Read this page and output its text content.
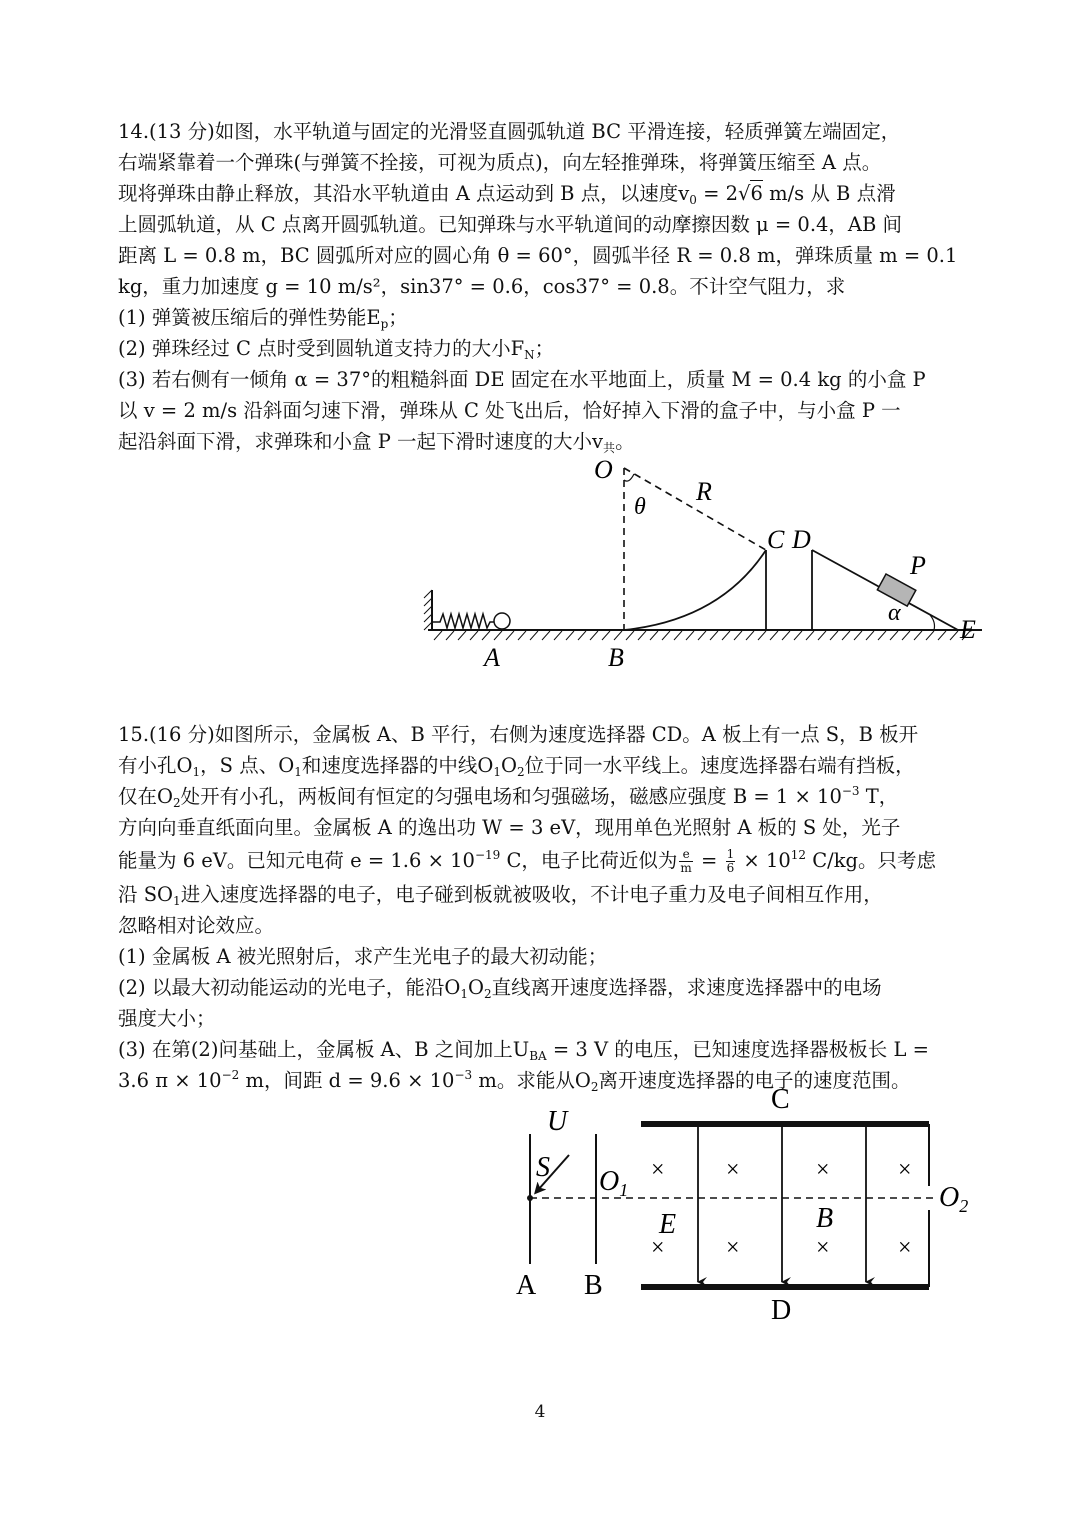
14.(13 分)如图，水平轨道与固定的光滑竖直圆弧轨道 BC 平滑连接，轻质弹簧左端固定，
右端紧靠着一个弹珠(与弹簧不拴接，可视为质点)，向左轻推弹珠，将弹簧压缩至 A 点。
现将弹珠由静止释放，其沿水平轨道由 A 点运动到 B 点，以速度$v_0 = 2√6$ m/s 从 B 点滑
上圆弧轨道，从 C 点离开圆弧轨道。已知弹珠与水平轨道间的动摩擦因数 μ = 0.4，AB 间
距离 L = 0.8 m，BC 圆弧所对应的圆心角 θ = 60°，圆弧半径 R = 0.8 m，弹珠质量 m = 0.1
kg，重力加速度 g = 10 m/s²，sin37° = 0.6，cos37° = 0.8。不计空气阻力，求
(1) 弹簧被压缩后的弹性势能$E_p$；
(2) 弹珠经过 C 点时受到圆轨道支持力的大小$F_N$；
(3) 若右侧有一倾角 α = 37°的粗糙斜面 DE 固定在水平地面上，质量 M = 0.4 kg 的小盒 P
以 v = 2 m/s 沿斜面匀速下滑，弹珠从 C 处飞出后，恰好掉入下滑的盒子中，与小盒 P 一
起沿斜面下滑，求弹珠和小盒 P 一起下滑时速度的大小$v_共$。
O
θ
R
C D
P
α
E
A	B
15.(16 分)如图所示，金属板 A、B 平行，右侧为速度选择器 CD。A 板上有一点 S，B 板开
有小孔$O_1$，S 点、$O_1$和速度选择器的中线$O_1O_2$位于同一水平线上。速度选择器右端有挡板，
仅在$O_2$处开有小孔，两板间有恒定的匀强电场和匀强磁场，磁感应强度 $B = 1 \times 10^{-3}$ T，
方向向垂直纸面向里。金属板 A 的逸出功 W = 3 eV，现用单色光照射 A 板的 S 处，光子
能量为 6 eV。已知元电荷 $e = 1.6 \times 10^{-19}$ C，电子比荷近似为 $\frac{e}{m} = \frac{1}{6} \times 10^{12}$ C/kg。只考虑
沿 $SO_1$进入速度选择器的电子，电子碰到板就被吸收，不计电子重力及电子间相互作用，
忽略相对论效应。
(1) 金属板 A 被光照射后，求产生光电子的最大初动能；
(2) 以最大初动能运动的光电子，能沿$O_1O_2$直线离开速度选择器，求速度选择器中的电场
强度大小；
(3) 在第(2)问基础上，金属板 A、B 之间加上$U_{BA} = 3$ V 的电压，已知速度选择器极板长 L =
3.6 $\pi \times 10^{-2}$ m，间距 $d = 9.6 \times 10^{-3}$ m。求能从$O_2$离开速度选择器的电子的速度范围。
×	×	×	×
×	×	×	×
U
S $O_1$	$O_2$
E	B
C
D
A B
4
